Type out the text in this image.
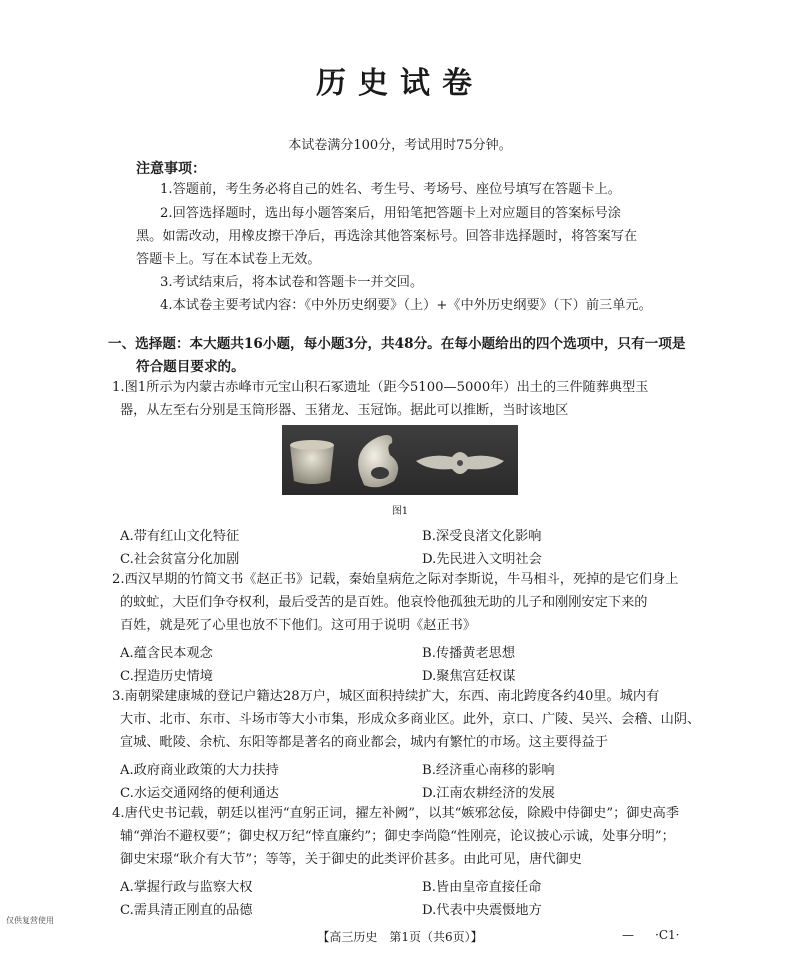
历史试卷
本试卷满分100分，考试用时75分钟。
注意事项：
1.答题前，考生务必将自己的姓名、考生号、考场号、座位号填写在答题卡上。
2.回答选择题时，选出每小题答案后，用铅笔把答题卡上对应题目的答案标号涂
黑。如需改动，用橡皮擦干净后，再选涂其他答案标号。回答非选择题时，将答案写在
答题卡上。写在本试卷上无效。
3.考试结束后，将本试卷和答题卡一并交回。
4.本试卷主要考试内容：《中外历史纲要》（上）+《中外历史纲要》（下）前三单元。
一、选择题：本大题共16小题，每小题3分，共48分。在每小题给出的四个选项中，只有一项是
符合题目要求的。
1.图1所示为内蒙古赤峰市元宝山积石冢遗址（距今5100—5000年）出土的三件随葬典型玉
器，从左至右分别是玉筒形器、玉猪龙、玉冠饰。据此可以推断，当时该地区
图1
A.带有红山文化特征	B.深受良渚文化影响
C.社会贫富分化加剧	D.先民进入文明社会
2.西汉早期的竹简文书《赵正书》记载，秦始皇病危之际对李斯说，牛马相斗，死掉的是它们身上
的蚊虻，大臣们争夺权利，最后受苦的是百姓。他哀怜他孤独无助的儿子和刚刚安定下来的
百姓，就是死了心里也放不下他们。这可用于说明《赵正书》
A.蕴含民本观念	B.传播黄老思想
C.捏造历史情境	D.聚焦宫廷权谋
3.南朝梁建康城的登记户籍达28万户，城区面积持续扩大，东西、南北跨度各约40里。城内有
大市、北市、东市、斗场市等大小市集，形成众多商业区。此外，京口、广陵、吴兴、会稽、山阴、
宣城、毗陵、余杭、东阳等都是著名的商业都会，城内有繁忙的市场。这主要得益于
A.政府商业政策的大力扶持	B.经济重心南移的影响
C.水运交通网络的便利通达	D.江南农耕经济的发展
4.唐代史书记载，朝廷以崔沔“直躬正词，擢左补阙”，以其“嫉邪忿佞，除殿中侍御史”；御史高季
辅“弹治不避权要”；御史权万纪“悻直廉约”；御史李尚隐“性刚亮，论议披心示诚，处事分明”；
御史宋璟“耿介有大节”；等等，关于御史的此类评价甚多。由此可见，唐代御史
A.掌握行政与监察大权	B.皆由皇帝直接任命
C.需具清正刚直的品德	D.代表中央震慑地方
仅供复营使用
【高三历史　第1页（共6页）】	— ·C1·
